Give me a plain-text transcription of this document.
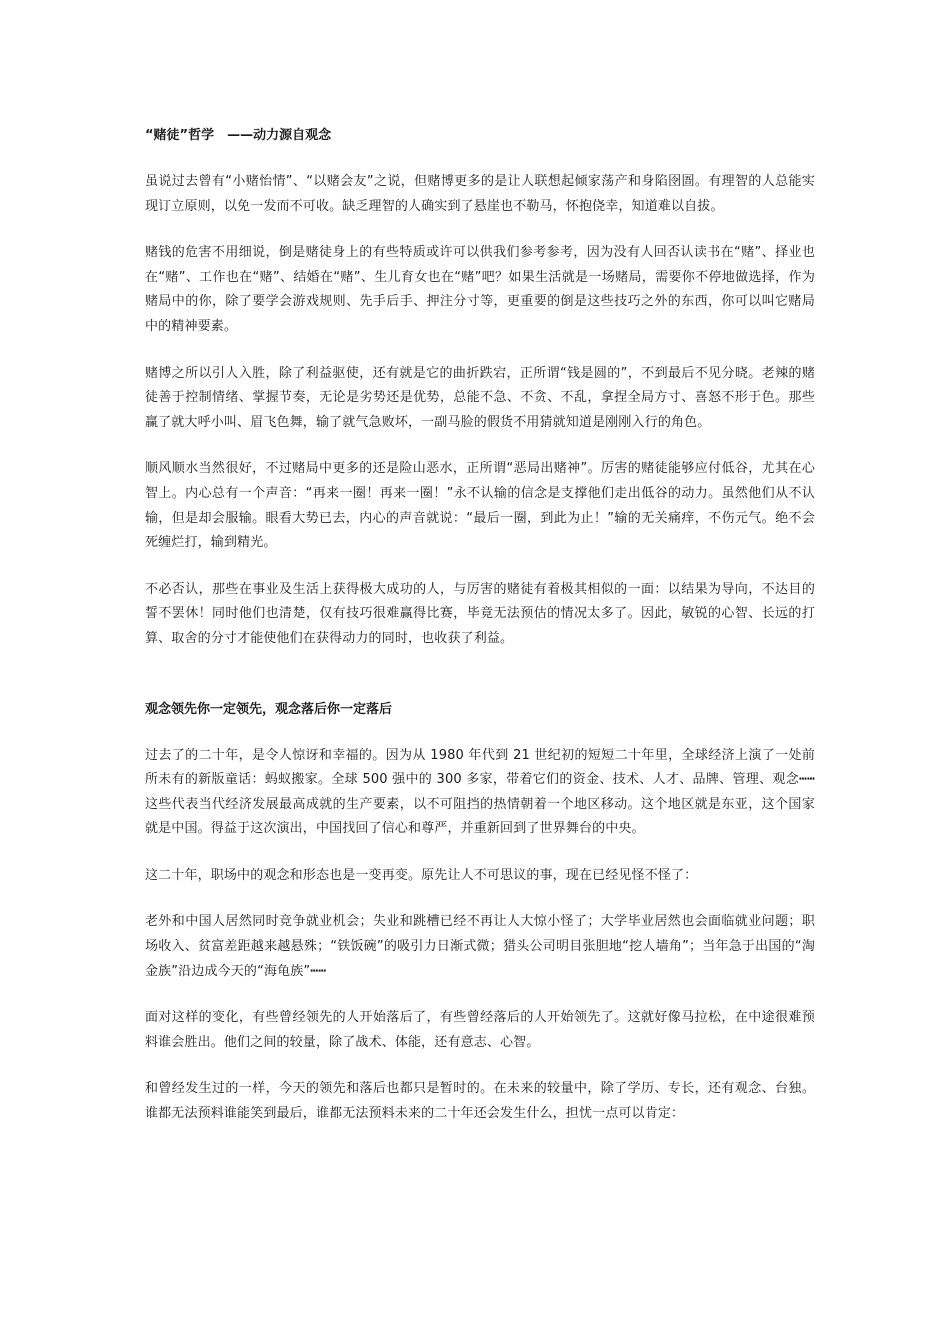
“赌徒”哲学　——动力源自观念

虽说过去曾有“小赌怡情”、“以赌会友”之说，但赌博更多的是让人联想起倾家荡产和身陷囹圄。有理智的人总能实现订立原则，以免一发而不可收。缺乏理智的人确实到了悬崖也不勒马，怀抱侥幸，知道难以自拔。

赌钱的危害不用细说，倒是赌徒身上的有些特质或许可以供我们参考参考，因为没有人回否认读书在“赌”、择业也在“赌”、工作也在“赌”、结婚在“赌”、生儿育女也在“赌”吧？如果生活就是一场赌局，需要你不停地做选择，作为赌局中的你，除了要学会游戏规则、先手后手、押注分寸等，更重要的倒是这些技巧之外的东西，你可以叫它赌局中的精神要素。

赌博之所以引人入胜，除了利益驱使，还有就是它的曲折跌宕，正所谓“钱是圆的”，不到最后不见分晓。老辣的赌徒善于控制情绪、掌握节奏，无论是劣势还是优势，总能不急、不贪、不乱，拿捏全局方寸、喜怒不形于色。那些赢了就大呼小叫、眉飞色舞，输了就气急败坏，一副马脸的假货不用猜就知道是刚刚入行的角色。

顺风顺水当然很好，不过赌局中更多的还是险山恶水，正所谓“恶局出赌神”。厉害的赌徒能够应付低谷，尤其在心智上。内心总有一个声音：“再来一圈！再来一圈！”永不认输的信念是支撑他们走出低谷的动力。虽然他们从不认输，但是却会服输。眼看大势已去，内心的声音就说：“最后一圈，到此为止！”输的无关痛痒，不伤元气。绝不会死缠烂打，输到精光。

不必否认，那些在事业及生活上获得极大成功的人，与厉害的赌徒有着极其相似的一面：以结果为导向，不达目的誓不罢休！同时他们也清楚，仅有技巧很难赢得比赛，毕竟无法预估的情况太多了。因此，敏锐的心智、长远的打算、取舍的分寸才能使他们在获得动力的同时，也收获了利益。

观念领先你一定领先，观念落后你一定落后

过去了的二十年，是令人惊讶和幸福的。因为从 1980 年代到 21 世纪初的短短二十年里，全球经济上演了一处前所未有的新版童话：蚂蚁搬家。全球 500 强中的 300 多家，带着它们的资金、技术、人才、品牌、管理、观念┅┅这些代表当代经济发展最高成就的生产要素，以不可阻挡的热情朝着一个地区移动。这个地区就是东亚，这个国家就是中国。得益于这次演出，中国找回了信心和尊严，并重新回到了世界舞台的中央。

这二十年，职场中的观念和形态也是一变再变。原先让人不可思议的事，现在已经见怪不怪了：

老外和中国人居然同时竞争就业机会；失业和跳槽已经不再让人大惊小怪了；大学毕业居然也会面临就业问题；职场收入、贫富差距越来越悬殊；“铁饭碗”的吸引力日渐式微；猎头公司明目张胆地“挖人墙角”；当年急于出国的“淘金族”沿边成今天的“海龟族”┅┅

面对这样的变化，有些曾经领先的人开始落后了，有些曾经落后的人开始领先了。这就好像马拉松，在中途很难预料谁会胜出。他们之间的较量，除了战术、体能，还有意志、心智。

和曾经发生过的一样，今天的领先和落后也都只是暂时的。在未来的较量中，除了学历、专长，还有观念、台独。谁都无法预料谁能笑到最后，谁都无法预料未来的二十年还会发生什么，担忧一点可以肯定：
